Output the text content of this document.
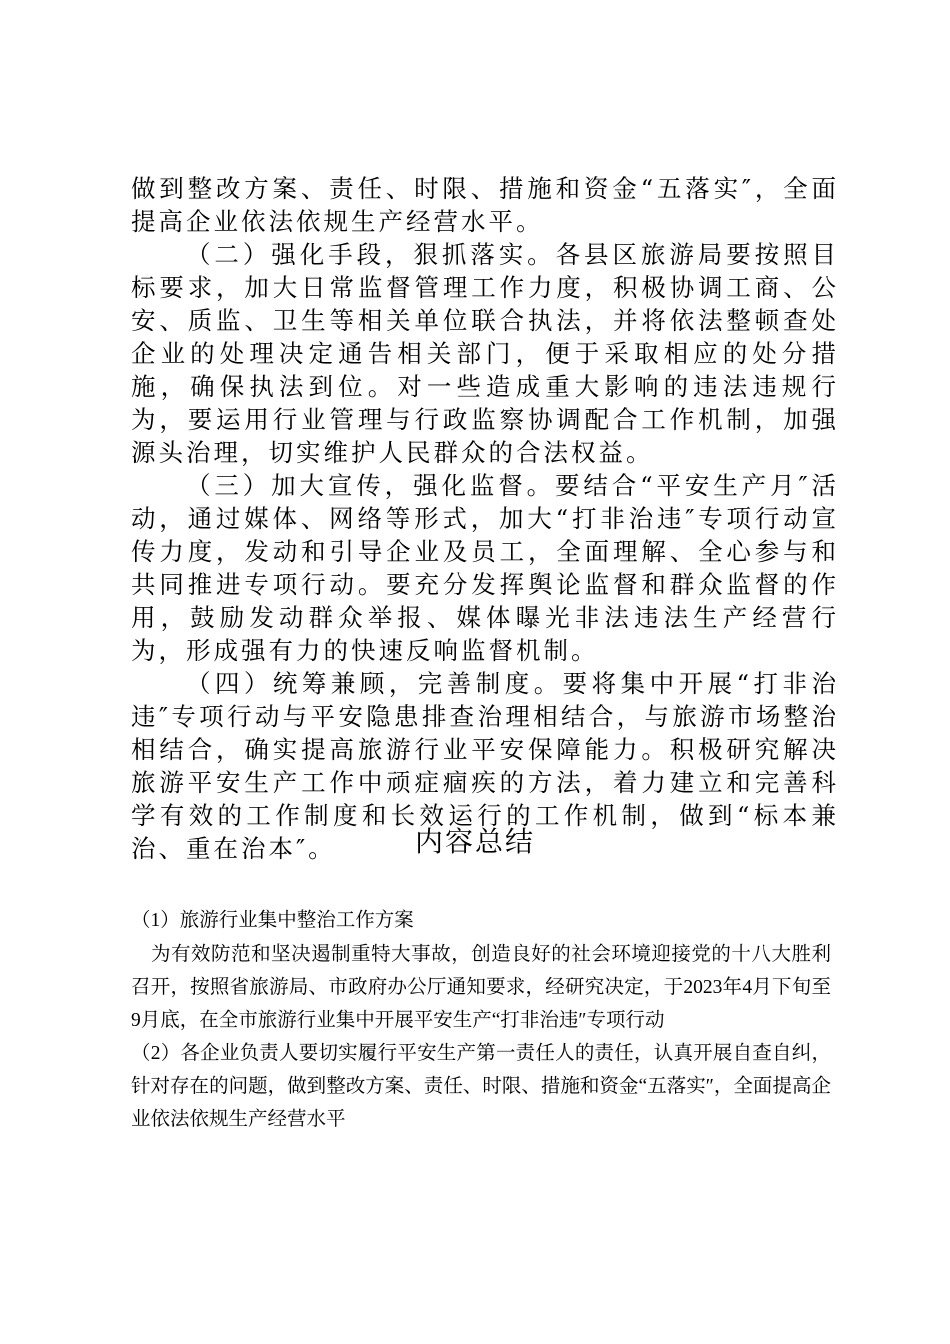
做到整改方案、责任、时限、措施和资金“五落实″，全面提高企业依法依规生产经营水平。

（二）强化手段，狠抓落实。各县区旅游局要按照目标要求，加大日常监督管理工作力度，积极协调工商、公安、质监、卫生等相关单位联合执法，并将依法整顿查处企业的处理决定通告相关部门，便于采取相应的处分措施，确保执法到位。对一些造成重大影响的违法违规行为，要运用行业管理与行政监察协调配合工作机制，加强源头治理，切实维护人民群众的合法权益。

（三）加大宣传，强化监督。要结合“平安生产月″活动，通过媒体、网络等形式，加大“打非治违″专项行动宣传力度，发动和引导企业及员工，全面理解、全心参与和共同推进专项行动。要充分发挥舆论监督和群众监督的作用，鼓励发动群众举报、媒体曝光非法违法生产经营行为，形成强有力的快速反响监督机制。

（四）统筹兼顾，完善制度。要将集中开展“打非治违″专项行动与平安隐患排查治理相结合，与旅游市场整治相结合，确实提高旅游行业平安保障能力。积极研究解决旅游平安生产工作中顽症痼疾的方法，着力建立和完善科学有效的工作制度和长效运行的工作机制，做到“标本兼治、重在治本″。	内容总结

（1）旅游行业集中整治工作方案

为有效防范和坚决遏制重特大事故，创造良好的社会环境迎接党的十八大胜利召开，按照省旅游局、市政府办公厅通知要求，经研究决定，于2023年4月下旬至9月底，在全市旅游行业集中开展平安生产“打非治违″专项行动

（2）各企业负责人要切实履行平安生产第一责任人的责任，认真开展自查自纠，针对存在的问题，做到整改方案、责任、时限、措施和资金“五落实″，全面提高企业依法依规生产经营水平
